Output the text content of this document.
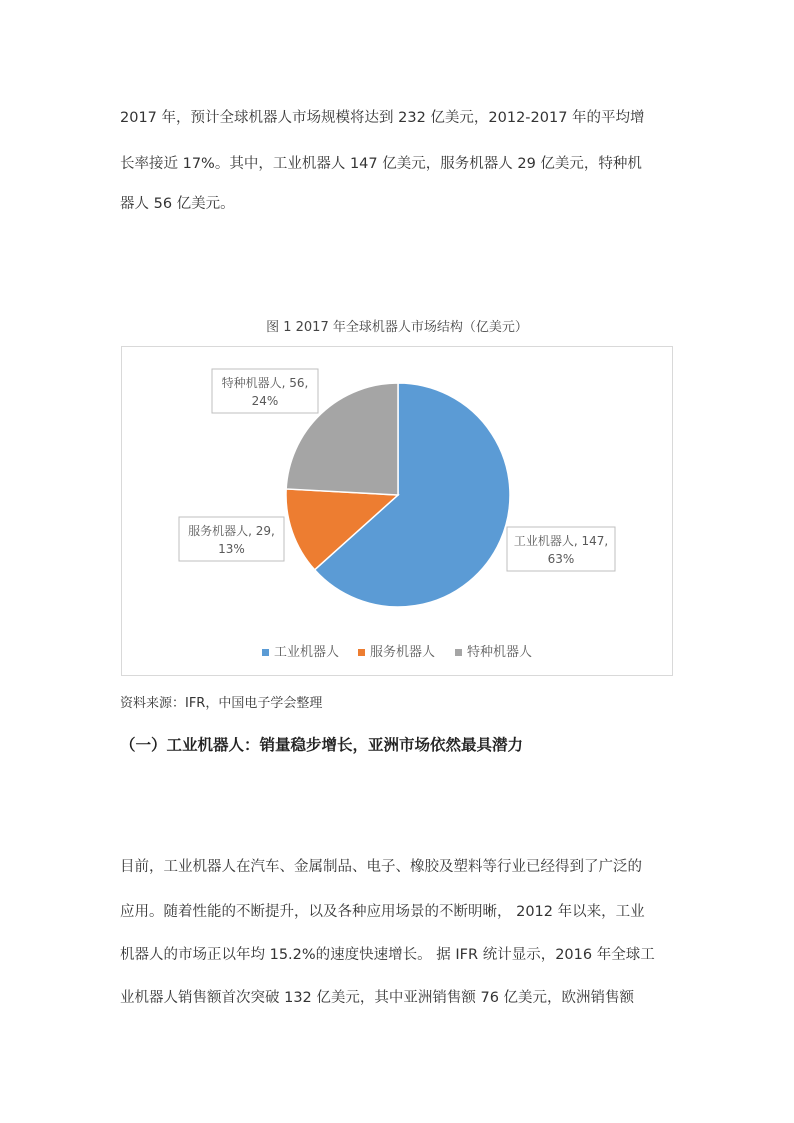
2017 年，预计全球机器人市场规模将达到 232 亿美元，2012-2017 年的平均增
长率接近 17%。其中，工业机器人 147 亿美元，服务机器人 29 亿美元，特种机
器人 56 亿美元。
图 1 2017 年全球机器人市场结构（亿美元）
工业机器人, 147,
63%
服务机器人, 29,
13%
特种机器人, 56,
24%
工业机器人 服务机器人 特种机器人
资料来源：IFR，中国电子学会整理
（一）工业机器人：销量稳步增长，亚洲市场依然最具潜力
目前，工业机器人在汽车、金属制品、电子、橡胶及塑料等行业已经得到了广泛的
应用。随着性能的不断提升，以及各种应用场景的不断明晰， 2012 年以来，工业
机器人的市场正以年均 15.2%的速度快速增长。 据 IFR 统计显示，2016 年全球工
业机器人销售额首次突破 132 亿美元，其中亚洲销售额 76 亿美元，欧洲销售额
